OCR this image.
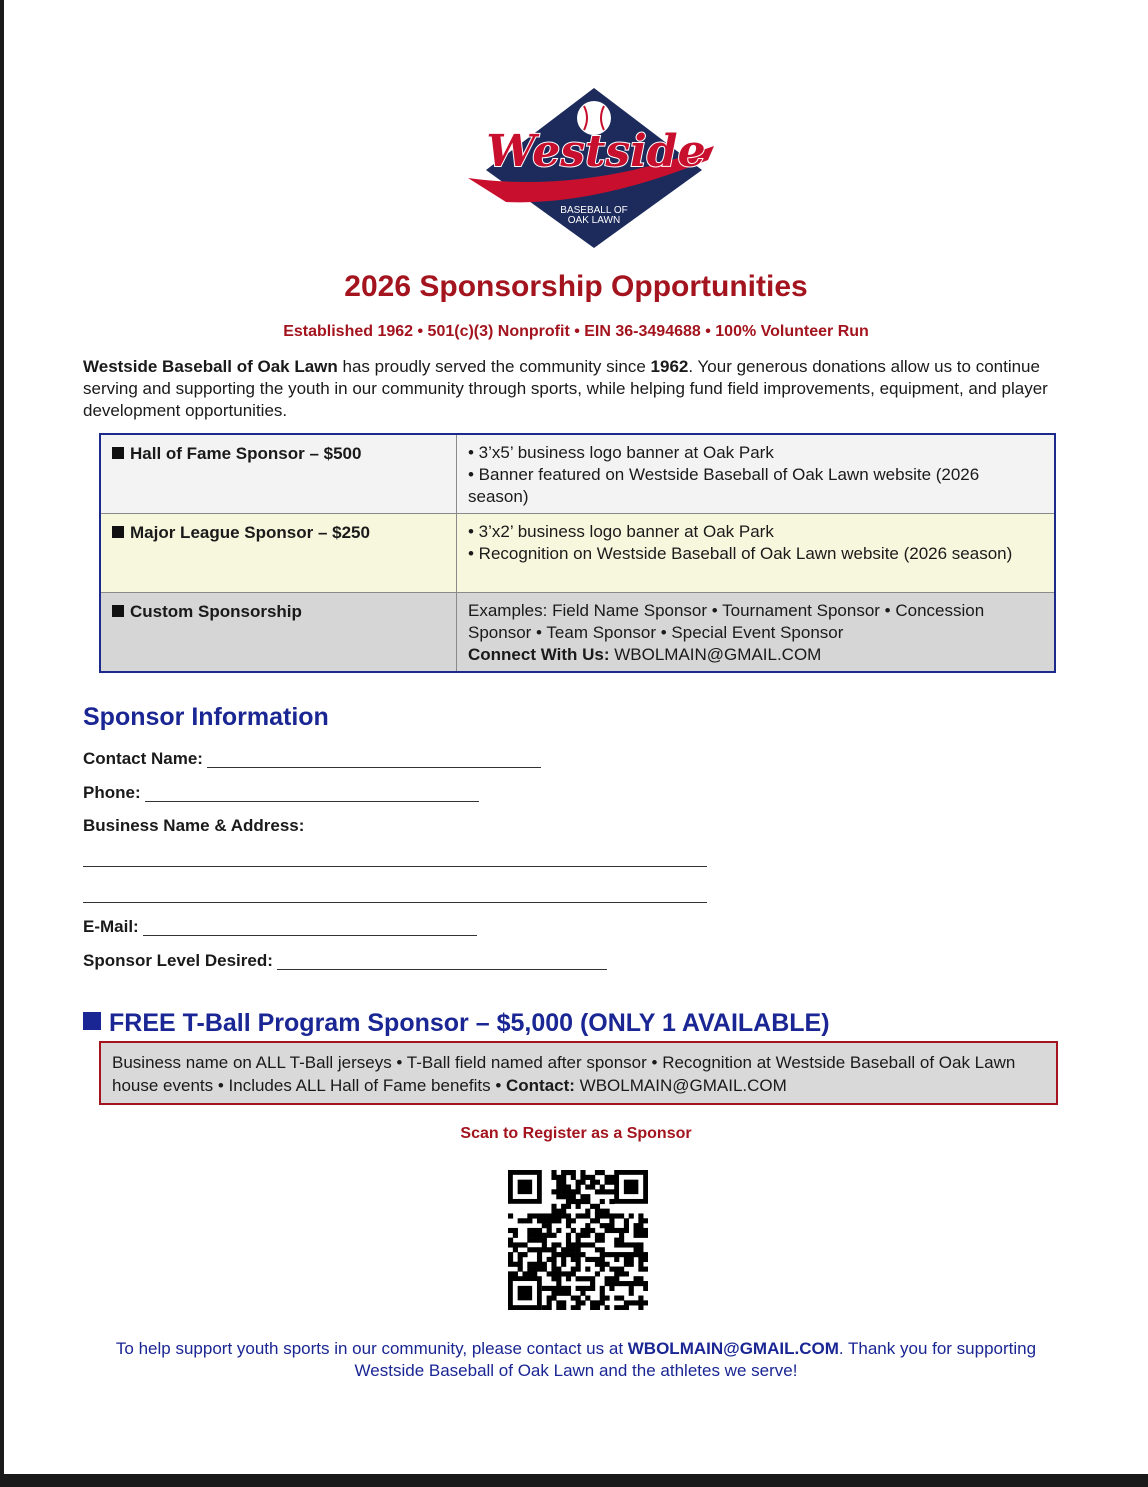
Westside
BASEBALL OF
OAK LAWN
2026 Sponsorship Opportunities
Established 1962 • 501(c)(3) Nonprofit • EIN 36-3494688 • 100% Volunteer Run

Westside Baseball of Oak Lawn has proudly served the community since 1962. Your generous donations allow us to continue serving and supporting the youth in our community through sports, while helping fund field improvements, equipment, and player development opportunities.

Hall of Fame Sponsor – $500	• 3’x5’ business logo banner at Oak Park
• Banner featured on Westside Baseball of Oak Lawn website (2026 season)

Major League Sponsor – $250	• 3’x2’ business logo banner at Oak Park
• Recognition on Westside Baseball of Oak Lawn website (2026 season)

Custom Sponsorship	Examples: Field Name Sponsor • Tournament Sponsor • Concession Sponsor • Team Sponsor • Special Event Sponsor
Connect With Us: WBOLMAIN@GMAIL.COM
Sponsor Information
Contact Name:
Phone:
Business Name & Address:
E-Mail:
Sponsor Level Desired:
FREE T-Ball Program Sponsor – $5,000 (ONLY 1 AVAILABLE)
Business name on ALL T-Ball jerseys • T-Ball field named after sponsor • Recognition at Westside Baseball of Oak Lawn house events • Includes ALL Hall of Fame benefits • Contact: WBOLMAIN@GMAIL.COM
Scan to Register as a Sponsor

To help support youth sports in our community, please contact us at WBOLMAIN@GMAIL.COM. Thank you for supporting Westside Baseball of Oak Lawn and the athletes we serve!
